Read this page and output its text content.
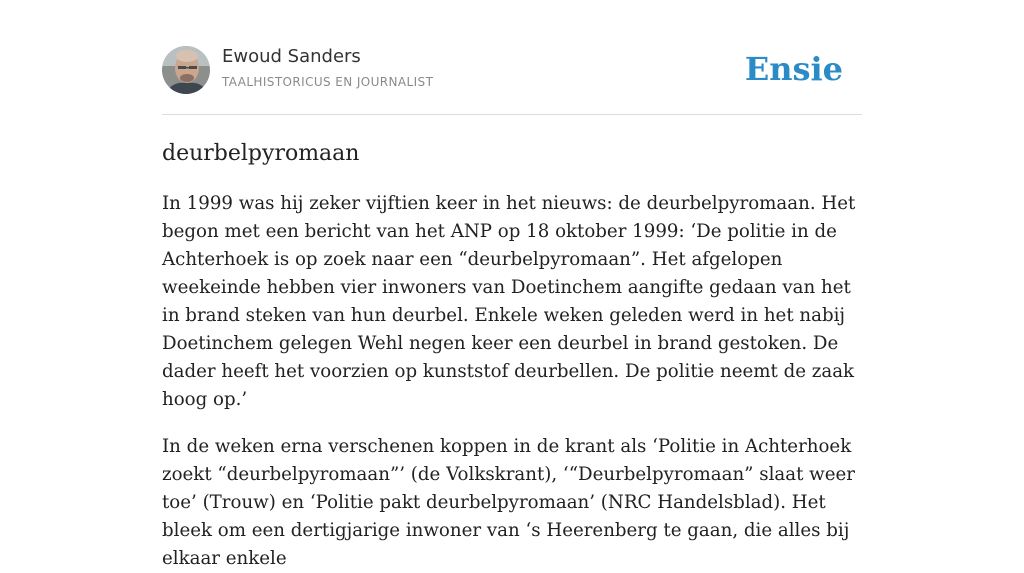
Ewoud Sanders
TAALHISTORICUS EN JOURNALIST	Ensie
deurbelpyromaan

In 1999 was hij zeker vijftien keer in het nieuws: de deurbelpyromaan. Het begon met een bericht van het ANP op 18 oktober 1999: ‘De politie in de Achterhoek is op zoek naar een “deurbelpyromaan”. Het afgelopen weekeinde hebben vier inwoners van Doetinchem aangifte gedaan van het in brand steken van hun deurbel. Enkele weken geleden werd in het nabij Doetinchem gelegen Wehl negen keer een deurbel in brand gestoken. De dader heeft het voorzien op kunststof deurbellen. De politie neemt de zaak hoog op.’

In de weken erna verschenen koppen in de krant als ‘Politie in Achterhoek zoekt “deurbelpyromaan”’ (de Volkskrant), ‘“Deurbelpyromaan” slaat weer toe’ (Trouw) en ‘Politie pakt deurbelpyromaan’ (NRC Handelsblad). Het bleek om een dertigjarige inwoner van ‘s Heerenberg te gaan, die alles bij elkaar enkele
